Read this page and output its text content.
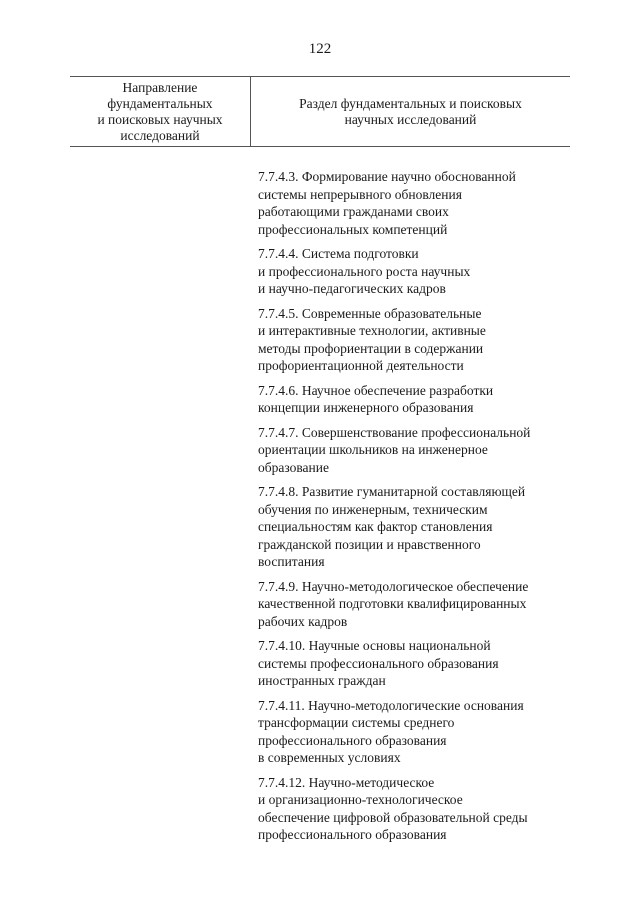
122
Направление
фундаментальных
и поисковых научных
исследований
Раздел фундаментальных и поисковых
научных исследований
7.7.4.3. Формирование научно обоснованной
системы непрерывного обновления
работающими гражданами своих
профессиональных компетенций
7.7.4.4. Система подготовки
и профессионального роста научных
и научно-педагогических кадров
7.7.4.5. Современные образовательные
и интерактивные технологии, активные
методы профориентации в содержании
профориентационной деятельности
7.7.4.6. Научное обеспечение разработки
концепции инженерного образования
7.7.4.7. Совершенствование профессиональной
ориентации школьников на инженерное
образование
7.7.4.8. Развитие гуманитарной составляющей
обучения по инженерным, техническим
специальностям как фактор становления
гражданской позиции и нравственного
воспитания
7.7.4.9. Научно-методологическое обеспечение
качественной подготовки квалифицированных
рабочих кадров
7.7.4.10. Научные основы национальной
системы профессионального образования
иностранных граждан
7.7.4.11. Научно-методологические основания
трансформации системы среднего
профессионального образования
в современных условиях
7.7.4.12. Научно-методическое
и организационно-технологическое
обеспечение цифровой образовательной среды
профессионального образования
